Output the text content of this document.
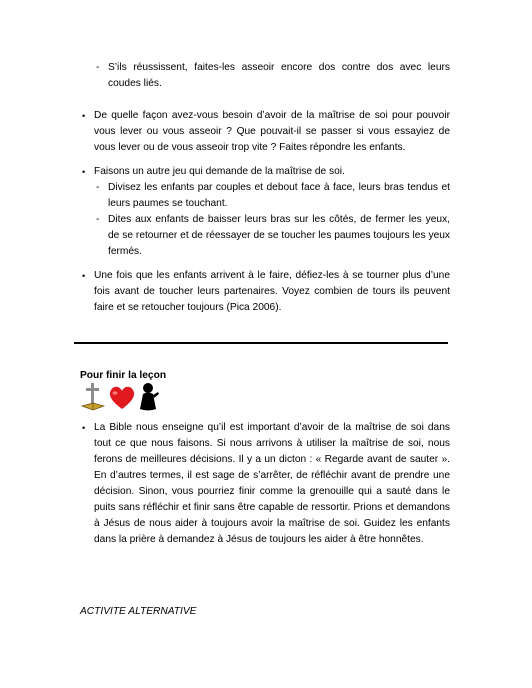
- S’ils réussissent, faites-les asseoir encore dos contre dos avec leurs coudes liés.

• De quelle façon avez-vous besoin d’avoir de la maîtrise de soi pour pouvoir vous lever ou vous asseoir ? Que pouvait-il se passer si vous essayiez de vous lever ou de vous asseoir trop vite ? Faites répondre les enfants.

• Faisons un autre jeu qui demande de la maîtrise de soi.

- Divisez les enfants par couples et debout face à face, leurs bras tendus et leurs paumes se touchant.

- Dites aux enfants de baisser leurs bras sur les côtés, de fermer les yeux, de se retourner et de réessayer de se toucher les paumes toujours les yeux fermés.

• Une fois que les enfants arrivent à le faire, défiez-les à se tourner plus d’une fois avant de toucher leurs partenaires. Voyez combien de tours ils peuvent faire et se retoucher toujours (Pica 2006).

Pour finir la leçon
• La Bible nous enseigne qu’il est important d’avoir de la maîtrise de soi dans tout ce que nous faisons. Si nous arrivons à utiliser la maîtrise de soi, nous ferons de meilleures décisions. Il y a un dicton : « Regarde avant de sauter ». En d’autres termes, il est sage de s’arrêter, de réfléchir avant de prendre une décision. Sinon, vous pourriez finir comme la grenouille qui a sauté dans le puits sans réfléchir et finir sans être capable de ressortir. Prions et demandons à Jésus de nous aider à toujours avoir la maîtrise de soi. Guidez les enfants dans la prière à demandez à Jésus de toujours les aider à être honnêtes.

ACTIVITE ALTERNATIVE
